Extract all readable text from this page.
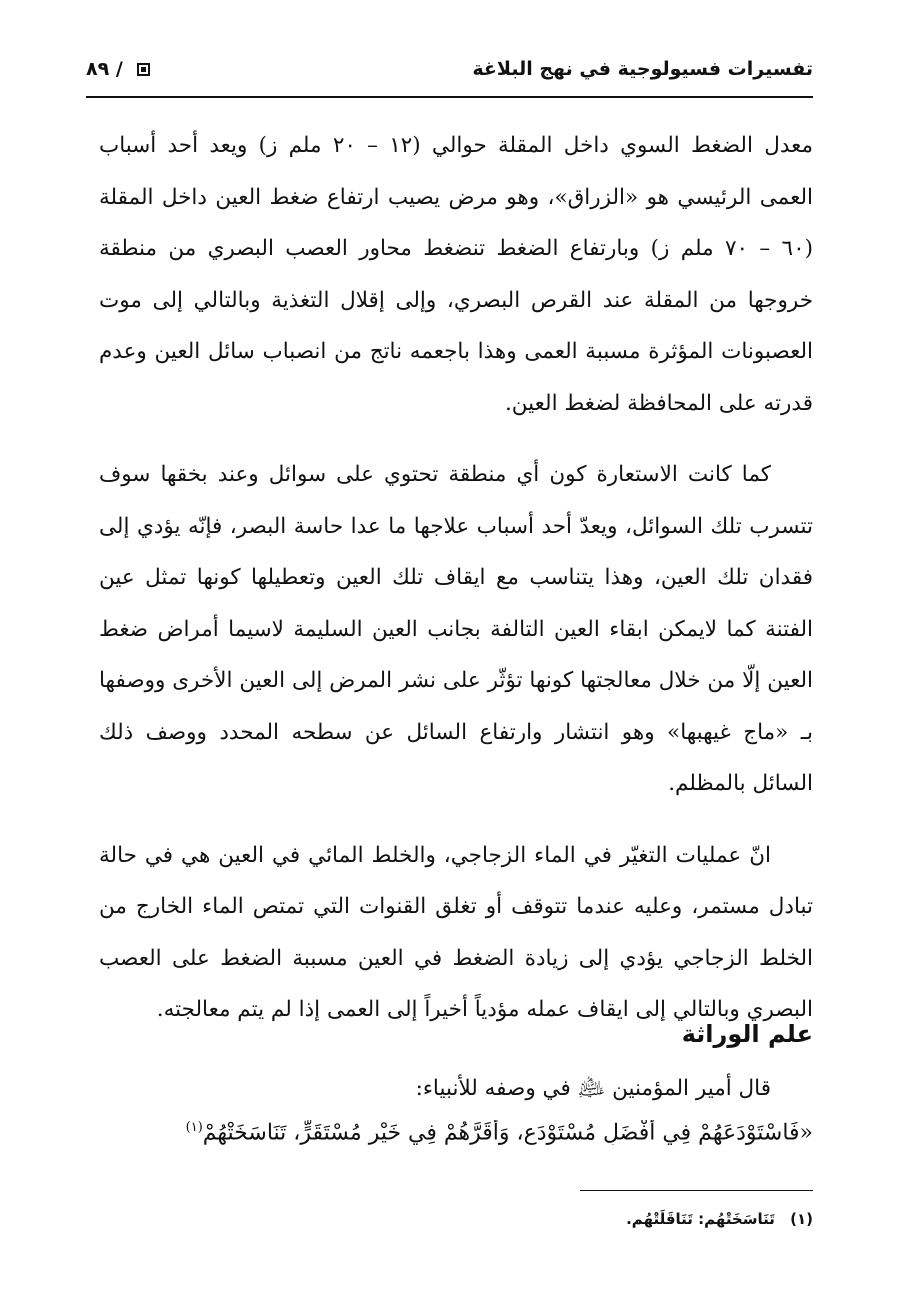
تفسيرات فسيولوجية في نهج البلاغة
٨٩ /

معدل الضغط السوي داخل المقلة حوالي (١٢ – ٢٠ ملم ز) ويعد أحد أسباب العمى الرئيسي هو «الزراق»، وهو مرض يصيب ارتفاع ضغط العين داخل المقلة (٦٠ – ٧٠ ملم ز) وبارتفاع الضغط تنضغط محاور العصب البصري من منطقة خروجها من المقلة عند القرص البصري، وإلى إقلال التغذية وبالتالي إلى موت العصبونات المؤثرة مسببة العمى وهذا باجعمه ناتج من انصباب سائل العين وعدم قدرته على المحافظة لضغط العين.

كما كانت الاستعارة كون أي منطقة تحتوي على سوائل وعند بخقها سوف تتسرب تلك السوائل، ويعدّ أحد أسباب علاجها ما عدا حاسة البصر، فإنّه يؤدي إلى فقدان تلك العين، وهذا يتناسب مع ايقاف تلك العين وتعطيلها كونها تمثل عين الفتنة كما لايمكن ابقاء العين التالفة بجانب العين السليمة لاسيما أمراض ضغط العين إلّا من خلال معالجتها كونها تؤثّر على نشر المرض إلى العين الأخرى ووصفها بـ «ماج غيهبها» وهو انتشار وارتفاع السائل عن سطحه المحدد ووصف ذلك السائل بالمظلم.

انّ عمليات التغيّر في الماء الزجاجي، والخلط المائي في العين هي في حالة تبادل مستمر، وعليه عندما تتوقف أو تغلق القنوات التي تمتص الماء الخارج من الخلط الزجاجي يؤدي إلى زيادة الضغط في العين مسببة الضغط على العصب البصري وبالتالي إلى ايقاف عمله مؤدياً أخيراً إلى العمى إذا لم يتم معالجته.

علم الوراثة
قال أمير المؤمنين ﵇ في وصفه للأنبياء:
«فَاسْتَوْدَعَهُمْ فِي أَفْضَلِ مُسْتَوْدَعٍ، وَأَقَرَّهُمْ فِي خَيْرِ مُسْتَقَرٍّ، تَنَاسَخَتْهُمْ$^{(١)}$
(١) تَنَاسَخَتْهُم: تَنَاقَلَتْهُم.
